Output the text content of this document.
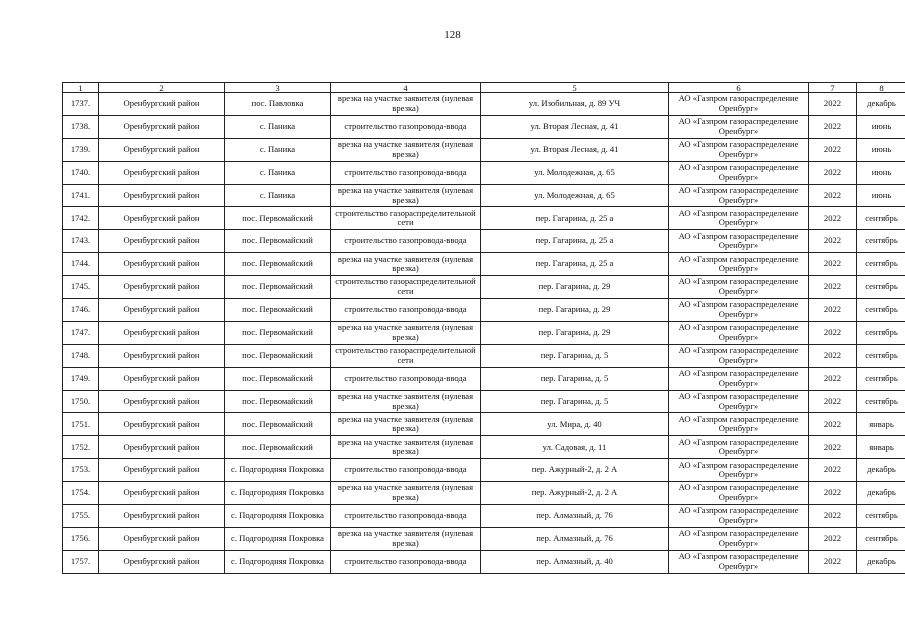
128
1	2	3	4	5	6	7	8
1737.	Оренбургский район	пос. Павловка	врезка на участке заявителя (нулевая врезка)	ул. Изобильная, д. 89 УЧ	АО «Газпром газораспределение Оренбург»	2022	декабрь
1738.	Оренбургский район	с. Паника	строительство газопровода-ввода	ул. Вторая Лесная, д. 41	АО «Газпром газораспределение Оренбург»	2022	июнь
1739.	Оренбургский район	с. Паника	врезка на участке заявителя (нулевая врезка)	ул. Вторая Лесная, д. 41	АО «Газпром газораспределение Оренбург»	2022	июнь
1740.	Оренбургский район	с. Паника	строительство газопровода-ввода	ул. Молодежная, д. 65	АО «Газпром газораспределение Оренбург»	2022	июнь
1741.	Оренбургский район	с. Паника	врезка на участке заявителя (нулевая врезка)	ул. Молодежная, д. 65	АО «Газпром газораспределение Оренбург»	2022	июнь
1742.	Оренбургский район	пос. Первомайский	строительство газораспределительной сети	пер. Гагарина, д. 25 а	АО «Газпром газораспределение Оренбург»	2022	сентябрь
1743.	Оренбургский район	пос. Первомайский	строительство газопровода-ввода	пер. Гагарина, д. 25 а	АО «Газпром газораспределение Оренбург»	2022	сентябрь
1744.	Оренбургский район	пос. Первомайский	врезка на участке заявителя (нулевая врезка)	пер. Гагарина, д. 25 а	АО «Газпром газораспределение Оренбург»	2022	сентябрь
1745.	Оренбургский район	пос. Первомайский	строительство газораспределительной сети	пер. Гагарина, д. 29	АО «Газпром газораспределение Оренбург»	2022	сентябрь
1746.	Оренбургский район	пос. Первомайский	строительство газопровода-ввода	пер. Гагарина, д. 29	АО «Газпром газораспределение Оренбург»	2022	сентябрь
1747.	Оренбургский район	пос. Первомайский	врезка на участке заявителя (нулевая врезка)	пер. Гагарина, д. 29	АО «Газпром газораспределение Оренбург»	2022	сентябрь
1748.	Оренбургский район	пос. Первомайский	строительство газораспределительной сети	пер. Гагарина, д. 5	АО «Газпром газораспределение Оренбург»	2022	сентябрь
1749.	Оренбургский район	пос. Первомайский	строительство газопровода-ввода	пер. Гагарина, д. 5	АО «Газпром газораспределение Оренбург»	2022	сентябрь
1750.	Оренбургский район	пос. Первомайский	врезка на участке заявителя (нулевая врезка)	пер. Гагарина, д. 5	АО «Газпром газораспределение Оренбург»	2022	сентябрь
1751.	Оренбургский район	пос. Первомайский	врезка на участке заявителя (нулевая врезка)	ул. Мира, д. 40	АО «Газпром газораспределение Оренбург»	2022	январь
1752.	Оренбургский район	пос. Первомайский	врезка на участке заявителя (нулевая врезка)	ул. Садовая, д. 11	АО «Газпром газораспределение Оренбург»	2022	январь
1753.	Оренбургский район	с. Подгородняя Покровка	строительство газопровода-ввода	пер. Ажурный-2, д. 2 А	АО «Газпром газораспределение Оренбург»	2022	декабрь
1754.	Оренбургский район	с. Подгородняя Покровка	врезка на участке заявителя (нулевая врезка)	пер. Ажурный-2, д. 2 А	АО «Газпром газораспределение Оренбург»	2022	декабрь
1755.	Оренбургский район	с. Подгородняя Покровка	строительство газопровода-ввода	пер. Алмазный, д. 76	АО «Газпром газораспределение Оренбург»	2022	сентябрь
1756.	Оренбургский район	с. Подгородняя Покровка	врезка на участке заявителя (нулевая врезка)	пер. Алмазный, д. 76	АО «Газпром газораспределение Оренбург»	2022	сентябрь
1757.	Оренбургский район	с. Подгородняя Покровка	строительство газопровода-ввода	пер. Алмазный, д. 40	АО «Газпром газораспределение Оренбург»	2022	декабрь
